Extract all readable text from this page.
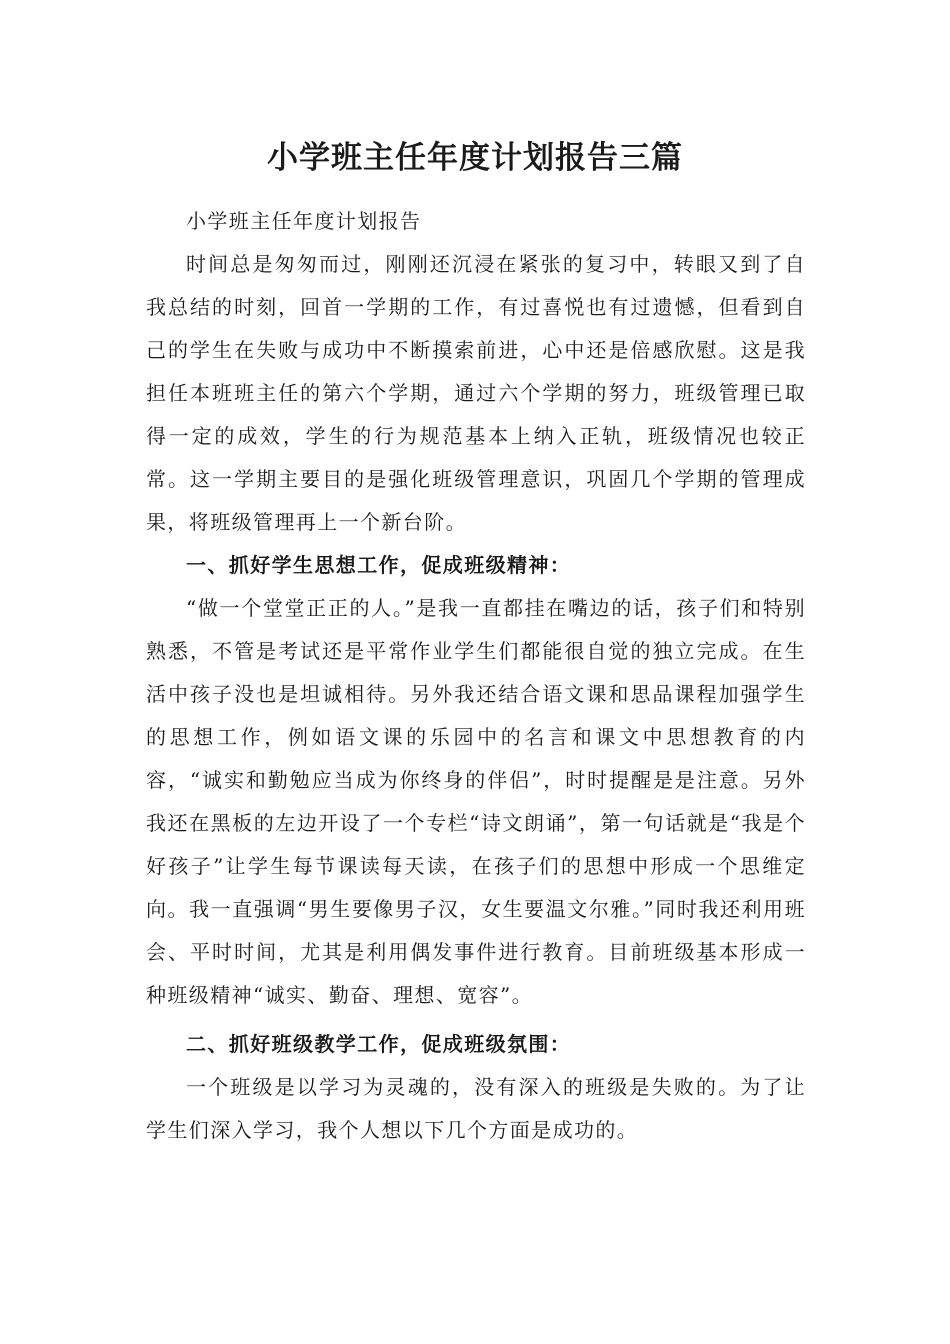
小学班主任年度计划报告三篇

小学班主任年度计划报告

时间总是匆匆而过，刚刚还沉浸在紧张的复习中，转眼又到了自我总结的时刻，回首一学期的工作，有过喜悦也有过遗憾，但看到自己的学生在失败与成功中不断摸索前进，心中还是倍感欣慰。这是我担任本班班主任的第六个学期，通过六个学期的努力，班级管理已取得一定的成效，学生的行为规范基本上纳入正轨，班级情况也较正常。这一学期主要目的是强化班级管理意识，巩固几个学期的管理成果，将班级管理再上一个新台阶。

一、抓好学生思想工作，促成班级精神：

“做一个堂堂正正的人。”是我一直都挂在嘴边的话，孩子们和特别熟悉，不管是考试还是平常作业学生们都能很自觉的独立完成。在生活中孩子没也是坦诚相待。另外我还结合语文课和思品课程加强学生的思想工作，例如语文课的乐园中的名言和课文中思想教育的内容，“诚实和勤勉应当成为你终身的伴侣”，时时提醒是是注意。另外我还在黑板的左边开设了一个专栏“诗文朗诵”，第一句话就是“我是个好孩子”让学生每节课读每天读，在孩子们的思想中形成一个思维定向。我一直强调“男生要像男子汉，女生要温文尔雅。”同时我还利用班会、平时时间，尤其是利用偶发事件进行教育。目前班级基本形成一种班级精神“诚实、勤奋、理想、宽容”。

二、抓好班级教学工作，促成班级氛围：

一个班级是以学习为灵魂的，没有深入的班级是失败的。为了让学生们深入学习，我个人想以下几个方面是成功的。
